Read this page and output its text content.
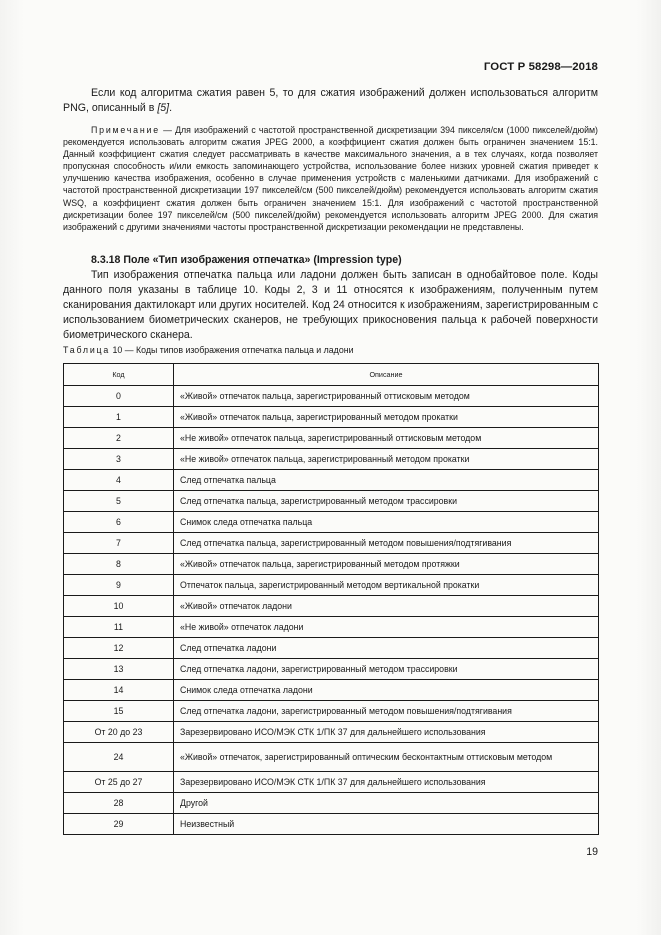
ГОСТ Р 58298—2018

Если код алгоритма сжатия равен 5, то для сжатия изображений должен использоваться алгоритм PNG, описанный в [5].

Примечание — Для изображений с частотой пространственной дискретизации 394 пикселя/см (1000 пикселей/дюйм) рекомендуется использовать алгоритм сжатия JPEG 2000, а коэффициент сжатия должен быть ограничен значением 15:1. Данный коэффициент сжатия следует рассматривать в качестве максимального значения, а в тех случаях, когда позволяет пропускная способность и/или емкость запоминающего устройства, использование более низких уровней сжатия приведет к улучшению качества изображения, особенно в случае применения устройств с маленькими датчиками. Для изображений с частотой пространственной дискретизации 197 пикселей/см (500 пикселей/дюйм) рекомендуется использовать алгоритм сжатия WSQ, а коэффициент сжатия должен быть ограничен значением 15:1. Для изображений с частотой пространственной дискретизации более 197 пикселей/см (500 пикселей/дюйм) рекомендуется использовать алгоритм JPEG 2000. Для сжатия изображений с другими значениями частоты пространственной дискретизации рекомендации не представлены.

8.3.18 Поле «Тип изображения отпечатка» (Impression type)

Тип изображения отпечатка пальца или ладони должен быть записан в однобайтовое поле. Коды данного поля указаны в таблице 10. Коды 2, 3 и 11 относятся к изображениям, полученным путем сканирования дактилокарт или других носителей. Код 24 относится к изображениям, зарегистрированным с использованием биометрических сканеров, не требующих прикосновения пальца к рабочей поверхности биометрического сканера.

Таблица 10 — Коды типов изображения отпечатка пальца и ладони
Код	Описание
0	«Живой» отпечаток пальца, зарегистрированный оттисковым методом
1	«Живой» отпечаток пальца, зарегистрированный методом прокатки
2	«Не живой» отпечаток пальца, зарегистрированный оттисковым методом
3	«Не живой» отпечаток пальца, зарегистрированный методом прокатки
4	След отпечатка пальца
5	След отпечатка пальца, зарегистрированный методом трассировки
6	Снимок следа отпечатка пальца
7	След отпечатка пальца, зарегистрированный методом повышения/подтягивания
8	«Живой» отпечаток пальца, зарегистрированный методом протяжки
9	Отпечаток пальца, зарегистрированный методом вертикальной прокатки
10	«Живой» отпечаток ладони
11	«Не живой» отпечаток ладони
12	След отпечатка ладони
13	След отпечатка ладони, зарегистрированный методом трассировки
14	Снимок следа отпечатка ладони
15	След отпечатка ладони, зарегистрированный методом повышения/подтягивания
От 20 до 23	Зарезервировано ИСО/МЭК СТК 1/ПК 37 для дальнейшего использования
24	«Живой» отпечаток, зарегистрированный оптическим бесконтактным оттисковым методом
От 25 до 27	Зарезервировано ИСО/МЭК СТК 1/ПК 37 для дальнейшего использования
28	Другой
29	Неизвестный
19
